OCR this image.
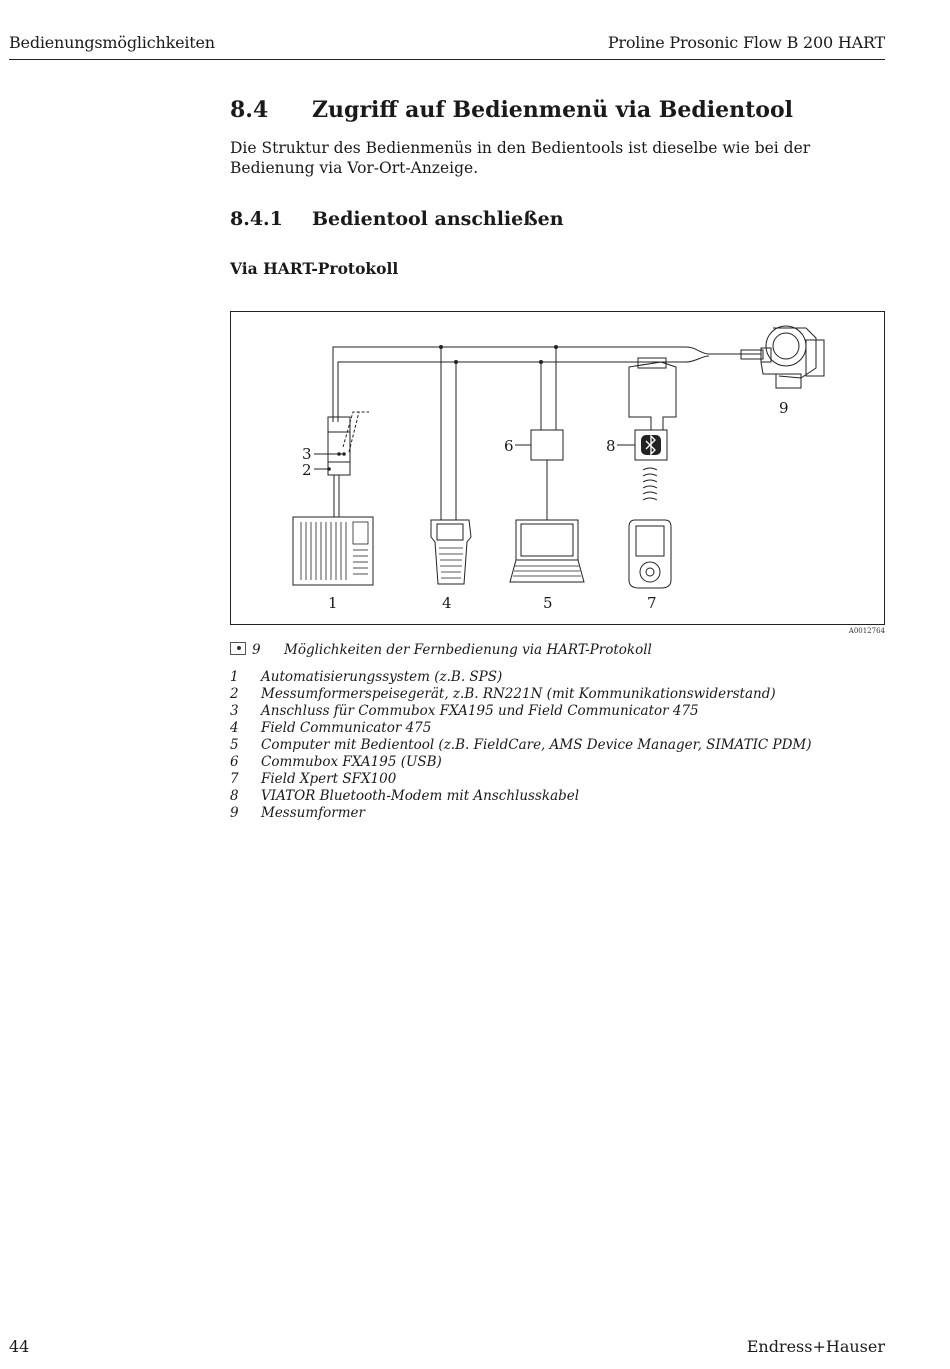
Bedienungsmöglichkeiten	Proline Prosonic Flow B 200 HART
8.4 Zugriff auf Bedienmenü via Bedientool
Die Struktur des Bedienmenüs in den Bedientools ist dieselbe wie bei der Bedienung via Vor-Ort-Anzeige.
8.4.1 Bedientool anschließen
Via HART-Protokoll
3
2
6	8
9
1	4	5	7
A0012764
9 Möglichkeiten der Fernbedienung via HART-Protokoll
1 Automatisierungssystem (z.B. SPS)
2 Messumformerspeisegerät, z.B. RN221N (mit Kommunikationswiderstand)
3 Anschluss für Commubox FXA195 und Field Communicator 475
4 Field Communicator 475
5 Computer mit Bedientool (z.B. FieldCare, AMS Device Manager, SIMATIC PDM)
6 Commubox FXA195 (USB)
7 Field Xpert SFX100
8 VIATOR Bluetooth-Modem mit Anschlusskabel
9 Messumformer
44	Endress+Hauser
